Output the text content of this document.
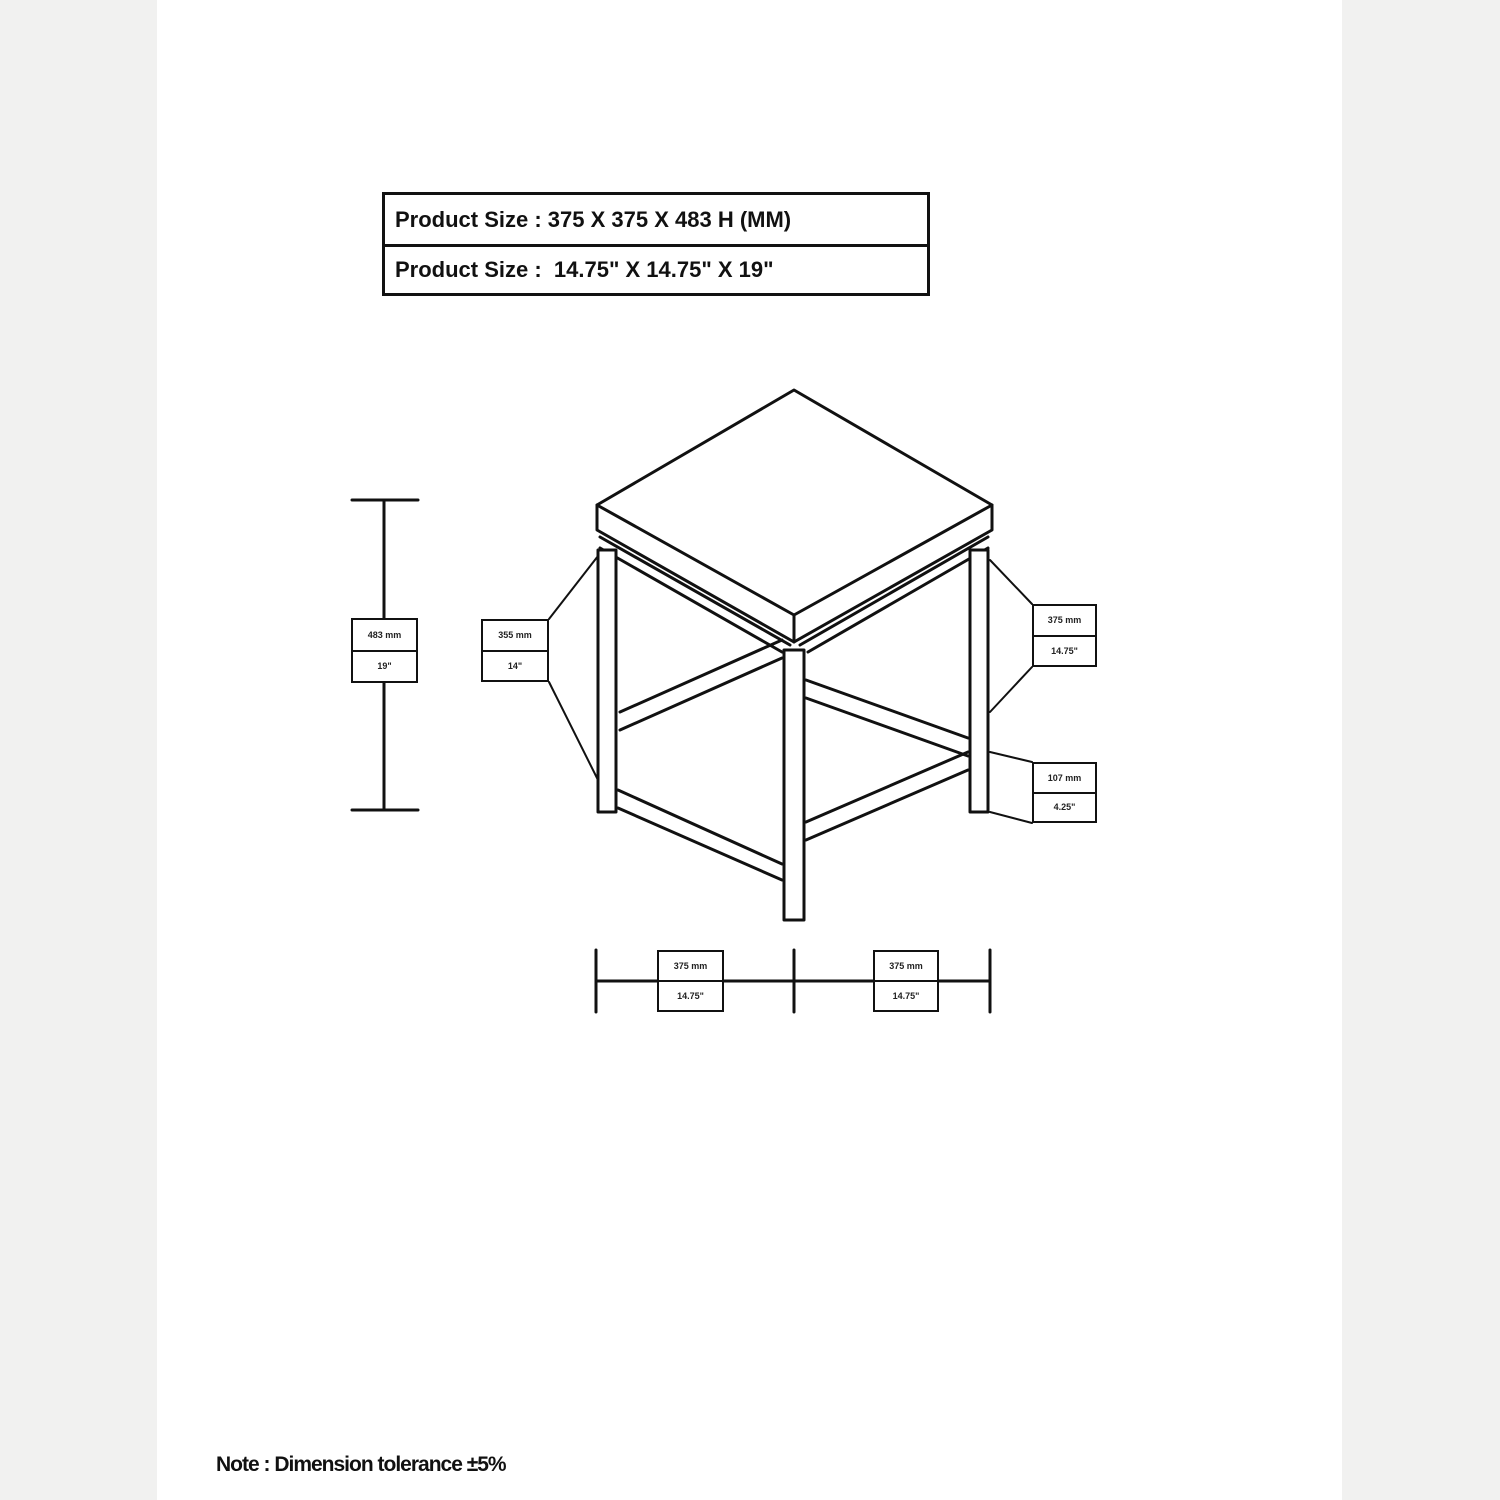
Product Size : 375 X 375 X 483 H (MM)
Product Size :  14.75" X 14.75" X 19"
483 mm
19"
355 mm
14"
375 mm
14.75"
107 mm
4.25"
375 mm
14.75"
375 mm
14.75"
Note : Dimension tolerance ±5%
